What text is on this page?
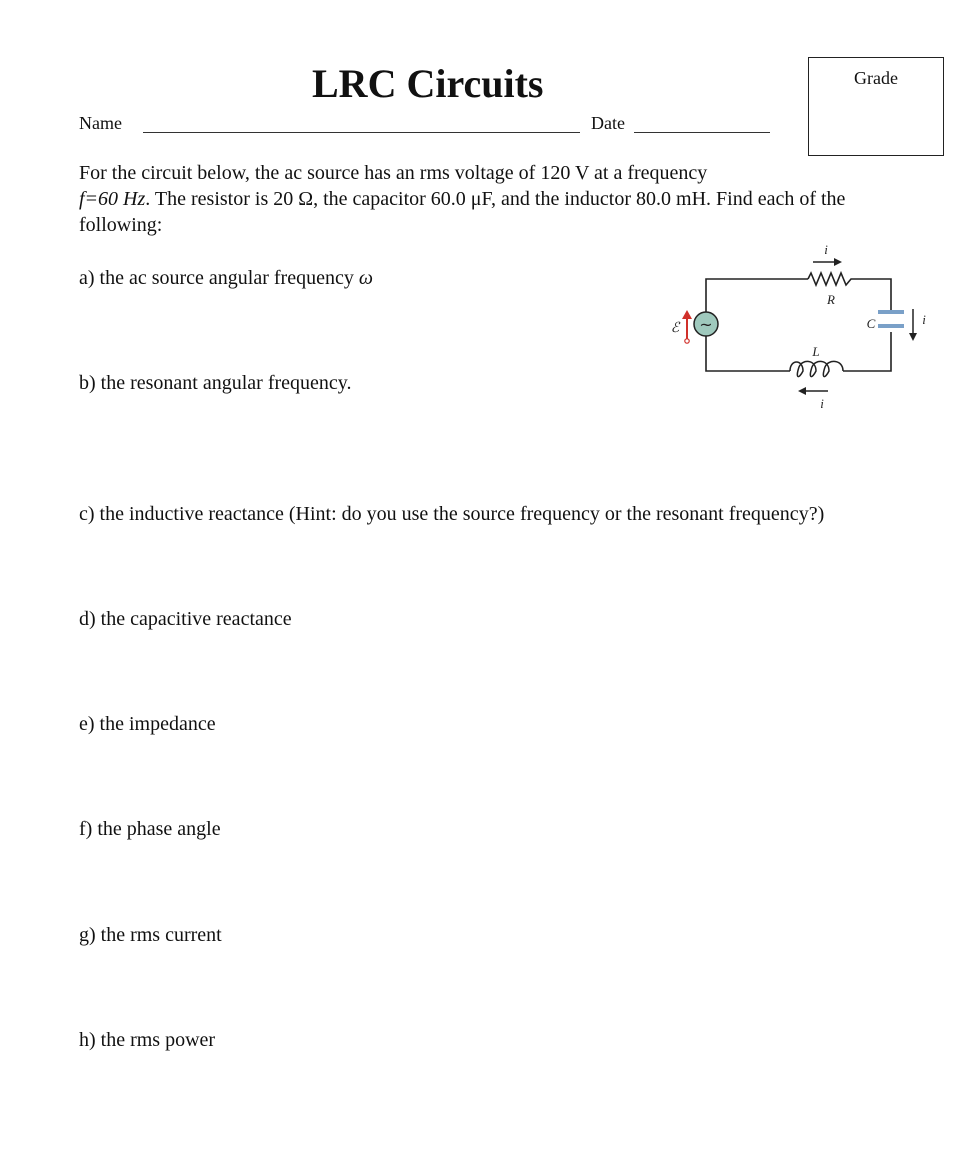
LRC Circuits	Grade
Name	Date
For the circuit below, the ac source has an rms voltage of 120 V at a frequency
f=60 Hz. The resistor is 20 Ω, the capacitor 60.0 μF, and the inductor 80.0 mH. Find each of the
following:
a) the ac source angular frequency ω
b) the resonant angular frequency.
c) the inductive reactance (Hint: do you use the source frequency or the resonant frequency?)
d) the capacitive reactance
e) the impedance
f) the phase angle
g) the rms current
h) the rms power
R
i
C	i
L
i
~
ℰ
